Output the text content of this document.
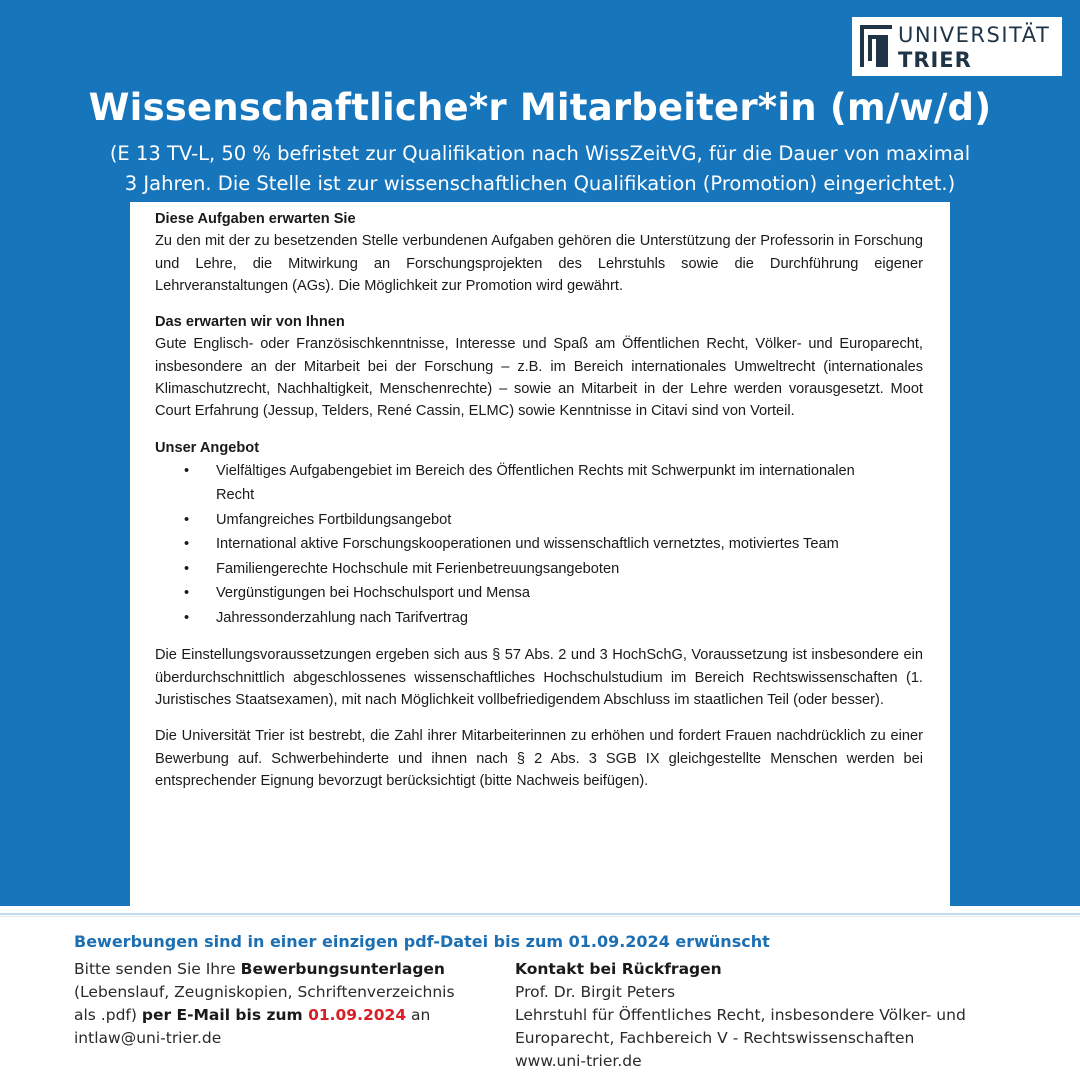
UNIVERSITÄT
TRIER
Wissenschaftliche*r Mitarbeiter*in (m/w/d)
(E 13 TV-L, 50 % befristet zur Qualifikation nach WissZeitVG, für die Dauer von maximal
3 Jahren. Die Stelle ist zur wissenschaftlichen Qualifikation (Promotion) eingerichtet.)
Diese Aufgaben erwarten Sie

Zu den mit der zu besetzenden Stelle verbundenen Aufgaben gehören die Unterstützung der Professorin in Forschung und Lehre, die Mitwirkung an Forschungsprojekten des Lehrstuhls sowie die Durchführung eigener Lehrveranstaltungen (AGs). Die Möglichkeit zur Promotion wird gewährt.

Das erwarten wir von Ihnen

Gute Englisch- oder Französischkenntnisse, Interesse und Spaß am Öffentlichen Recht, Völker- und Europarecht, insbesondere an der Mitarbeit bei der Forschung – z.B. im Bereich internationales Umweltrecht (internationales Klimaschutzrecht, Nachhaltigkeit, Menschenrechte) – sowie an Mitarbeit in der Lehre werden vorausgesetzt. Moot Court Erfahrung (Jessup, Telders, René Cassin, ELMC) sowie Kenntnisse in Citavi sind von Vorteil.

Unser Angebot
• Vielfältiges Aufgabengebiet im Bereich des Öffentlichen Rechts mit Schwerpunkt im internationalen Recht
• Umfangreiches Fortbildungsangebot
• International aktive Forschungskooperationen und wissenschaftlich vernetztes, motiviertes Team
• Familiengerechte Hochschule mit Ferienbetreuungsangeboten
• Vergünstigungen bei Hochschulsport und Mensa
• Jahressonderzahlung nach Tarifvertrag

Die Einstellungsvoraussetzungen ergeben sich aus § 57 Abs. 2 und 3 HochSchG, Voraussetzung ist insbesondere ein überdurchschnittlich abgeschlossenes wissenschaftliches Hochschulstudium im Bereich Rechtswissenschaften (1. Juristisches Staatsexamen), mit nach Möglichkeit vollbefriedigendem Abschluss im staatlichen Teil (oder besser).

Die Universität Trier ist bestrebt, die Zahl ihrer Mitarbeiterinnen zu erhöhen und fordert Frauen nachdrücklich zu einer Bewerbung auf. Schwerbehinderte und ihnen nach § 2 Abs. 3 SGB IX gleichgestellte Menschen werden bei entsprechender Eignung bevorzugt berücksichtigt (bitte Nachweis beifügen).

Bewerbungen sind in einer einzigen pdf-Datei bis zum 01.09.2024 erwünscht
Bitte senden Sie Ihre Bewerbungsunterlagen
(Lebenslauf, Zeugniskopien, Schriftenverzeichnis
als .pdf) per E-Mail bis zum 01.09.2024 an
intlaw@uni-trier.de
Kontakt bei Rückfragen
Prof. Dr. Birgit Peters
Lehrstuhl für Öffentliches Recht, insbesondere Völker- und
Europarecht, Fachbereich V - Rechtswissenschaften
www.uni-trier.de
